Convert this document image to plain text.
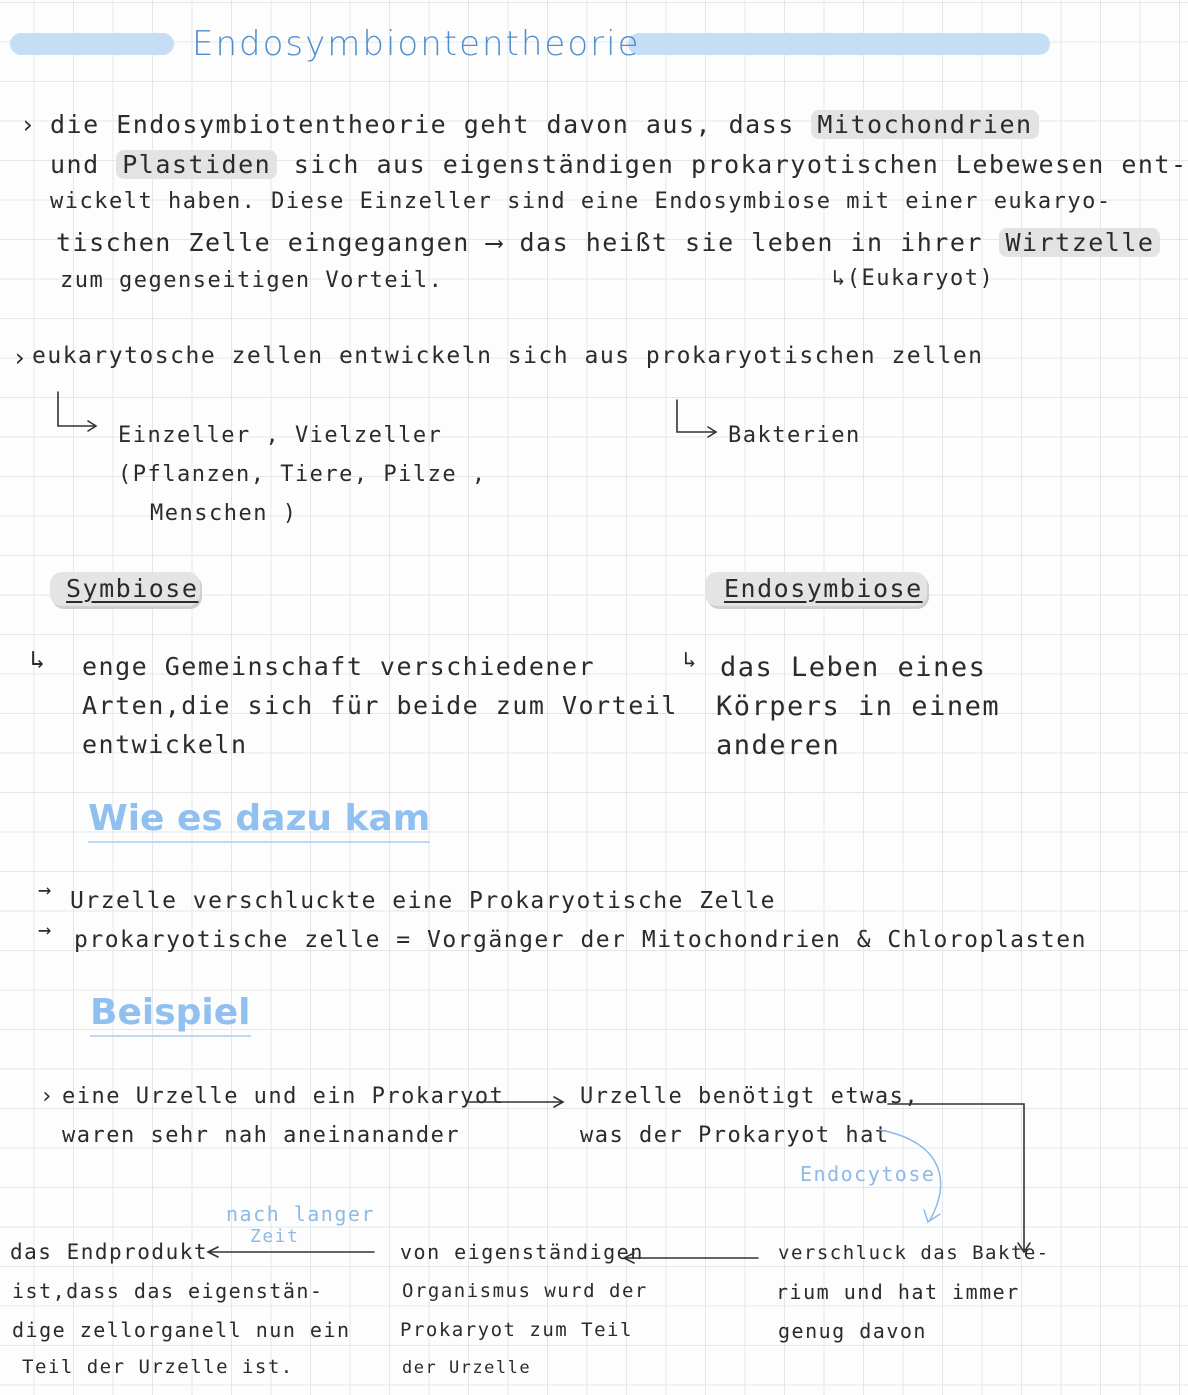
Endosymbiontentheorie
› die Endosymbiotentheorie geht davon aus, dass Mitochondrien
und Plastiden sich aus eigenständigen prokaryotischen Lebewesen ent-
wickelt haben. Diese Einzeller sind eine Endosymbiose mit einer eukaryo-
tischen Zelle eingegangen ⟶ das heißt sie leben in ihrer Wirtzelle
zum gegenseitigen Vorteil.	↳(Eukaryot)
› eukarytosche zellen entwickeln sich aus prokaryotischen zellen
Einzeller , Vielzeller
(Pflanzen, Tiere, Pilze ,
Menschen )
Bakterien
Symbiose	Endosymbiose
↳ enge Gemeinschaft verschiedener
Arten,die sich für beide zum Vorteil
entwickeln
↳ das Leben eines
Körpers in einem
anderen
Wie es dazu kam
→ Urzelle verschluckte eine Prokaryotische Zelle
→ prokaryotische zelle = Vorgänger der Mitochondrien & Chloroplasten
Beispiel
› eine Urzelle und ein Prokaryot
waren sehr nah aneinanander
Urzelle benötigt etwas,
was der Prokaryot hat
Endocytose
verschluck das Bakte-
rium und hat immer
genug davon
von eigenständigen
Organismus wurd der
Prokaryot zum Teil
der Urzelle
nach langer
Zeit
das Endprodukt
ist,dass das eigenstän-
dige zellorganell nun ein
Teil der Urzelle ist.
